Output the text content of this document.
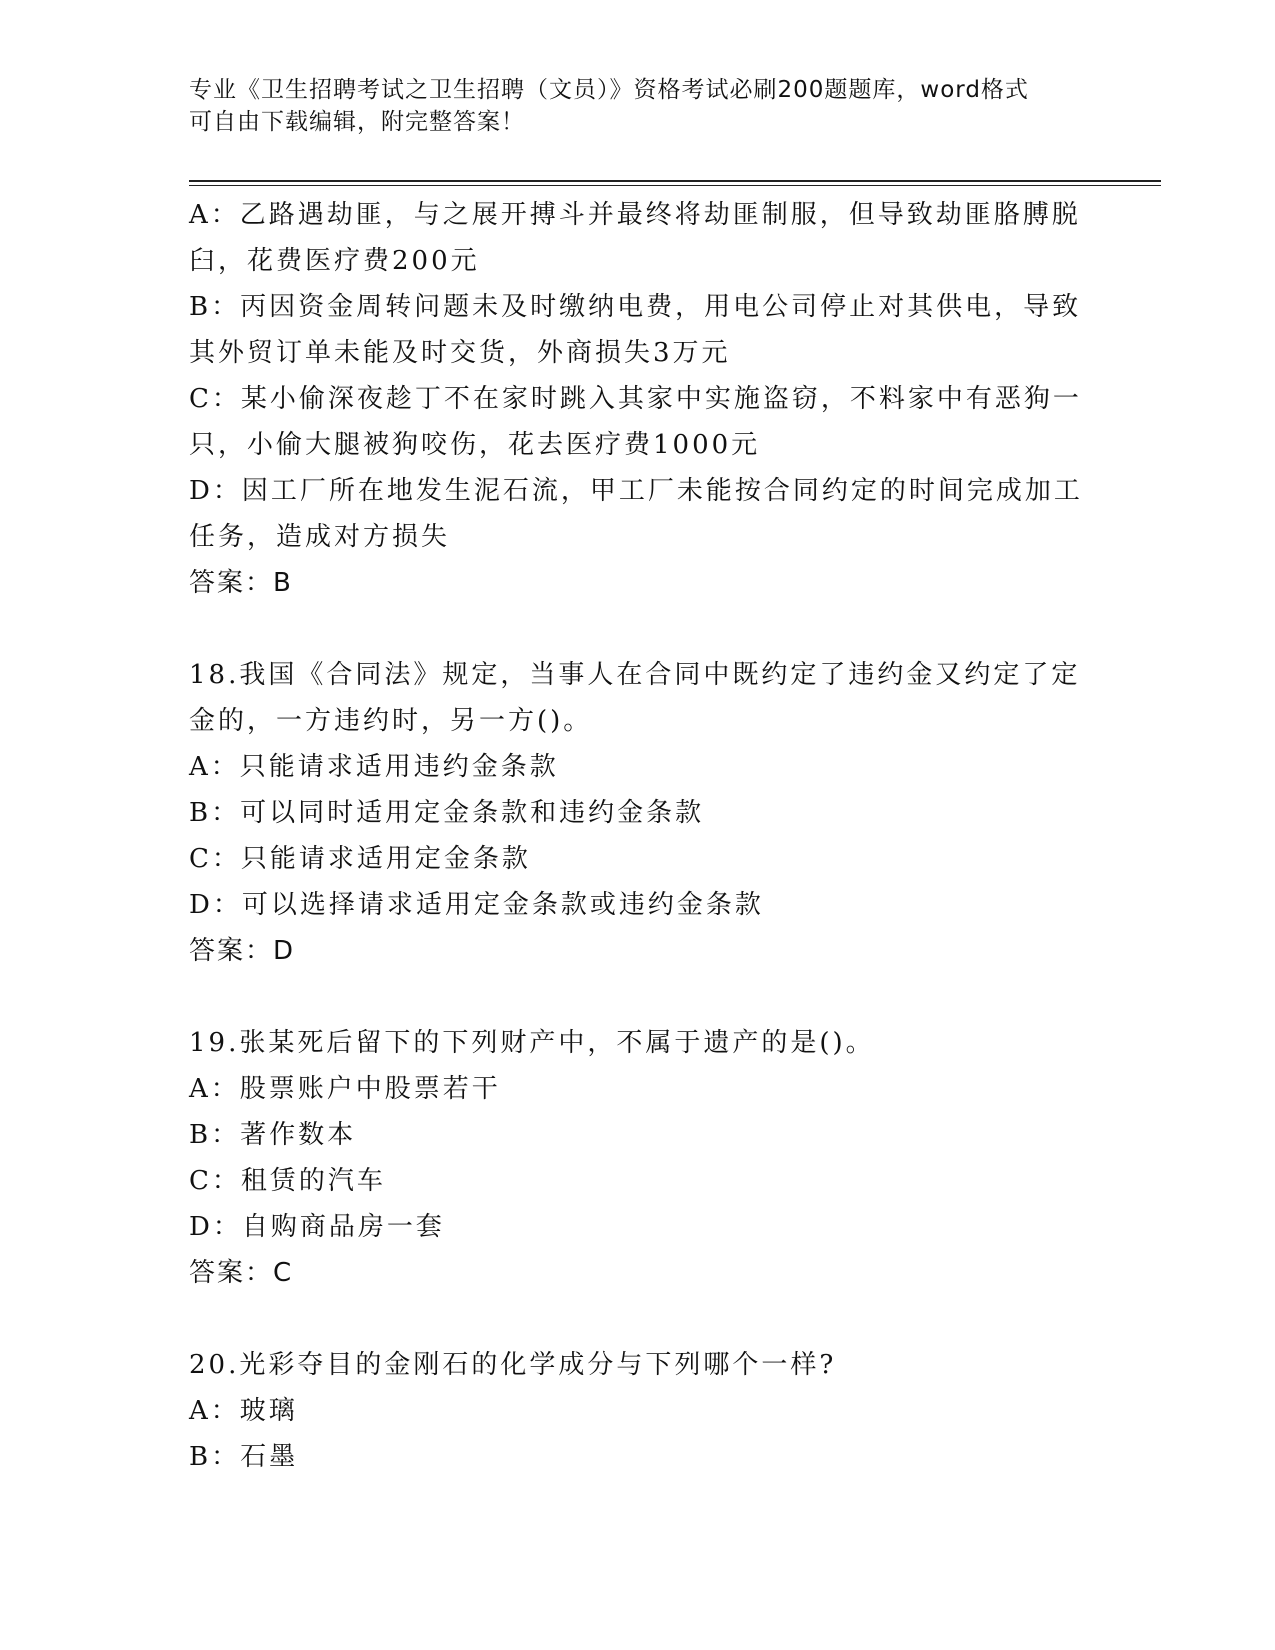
专业《卫生招聘考试之卫生招聘（文员）》资格考试必刷200题题库，word格式
可自由下载编辑，附完整答案！
A：乙路遇劫匪，与之展开搏斗并最终将劫匪制服，但导致劫匪胳膊脱
臼，花费医疗费200元
B：丙因资金周转问题未及时缴纳电费，用电公司停止对其供电，导致
其外贸订单未能及时交货，外商损失3万元
C：某小偷深夜趁丁不在家时跳入其家中实施盗窃，不料家中有恶狗一
只，小偷大腿被狗咬伤，花去医疗费1000元
D：因工厂所在地发生泥石流，甲工厂未能按合同约定的时间完成加工
任务，造成对方损失
答案：B
18.我国《合同法》规定，当事人在合同中既约定了违约金又约定了定
金的，一方违约时，另一方()。
A：只能请求适用违约金条款
B：可以同时适用定金条款和违约金条款
C：只能请求适用定金条款
D：可以选择请求适用定金条款或违约金条款
答案：D
19.张某死后留下的下列财产中，不属于遗产的是()。
A：股票账户中股票若干
B：著作数本
C：租赁的汽车
D：自购商品房一套
答案：C
20.光彩夺目的金刚石的化学成分与下列哪个一样?
A：玻璃
B：石墨
